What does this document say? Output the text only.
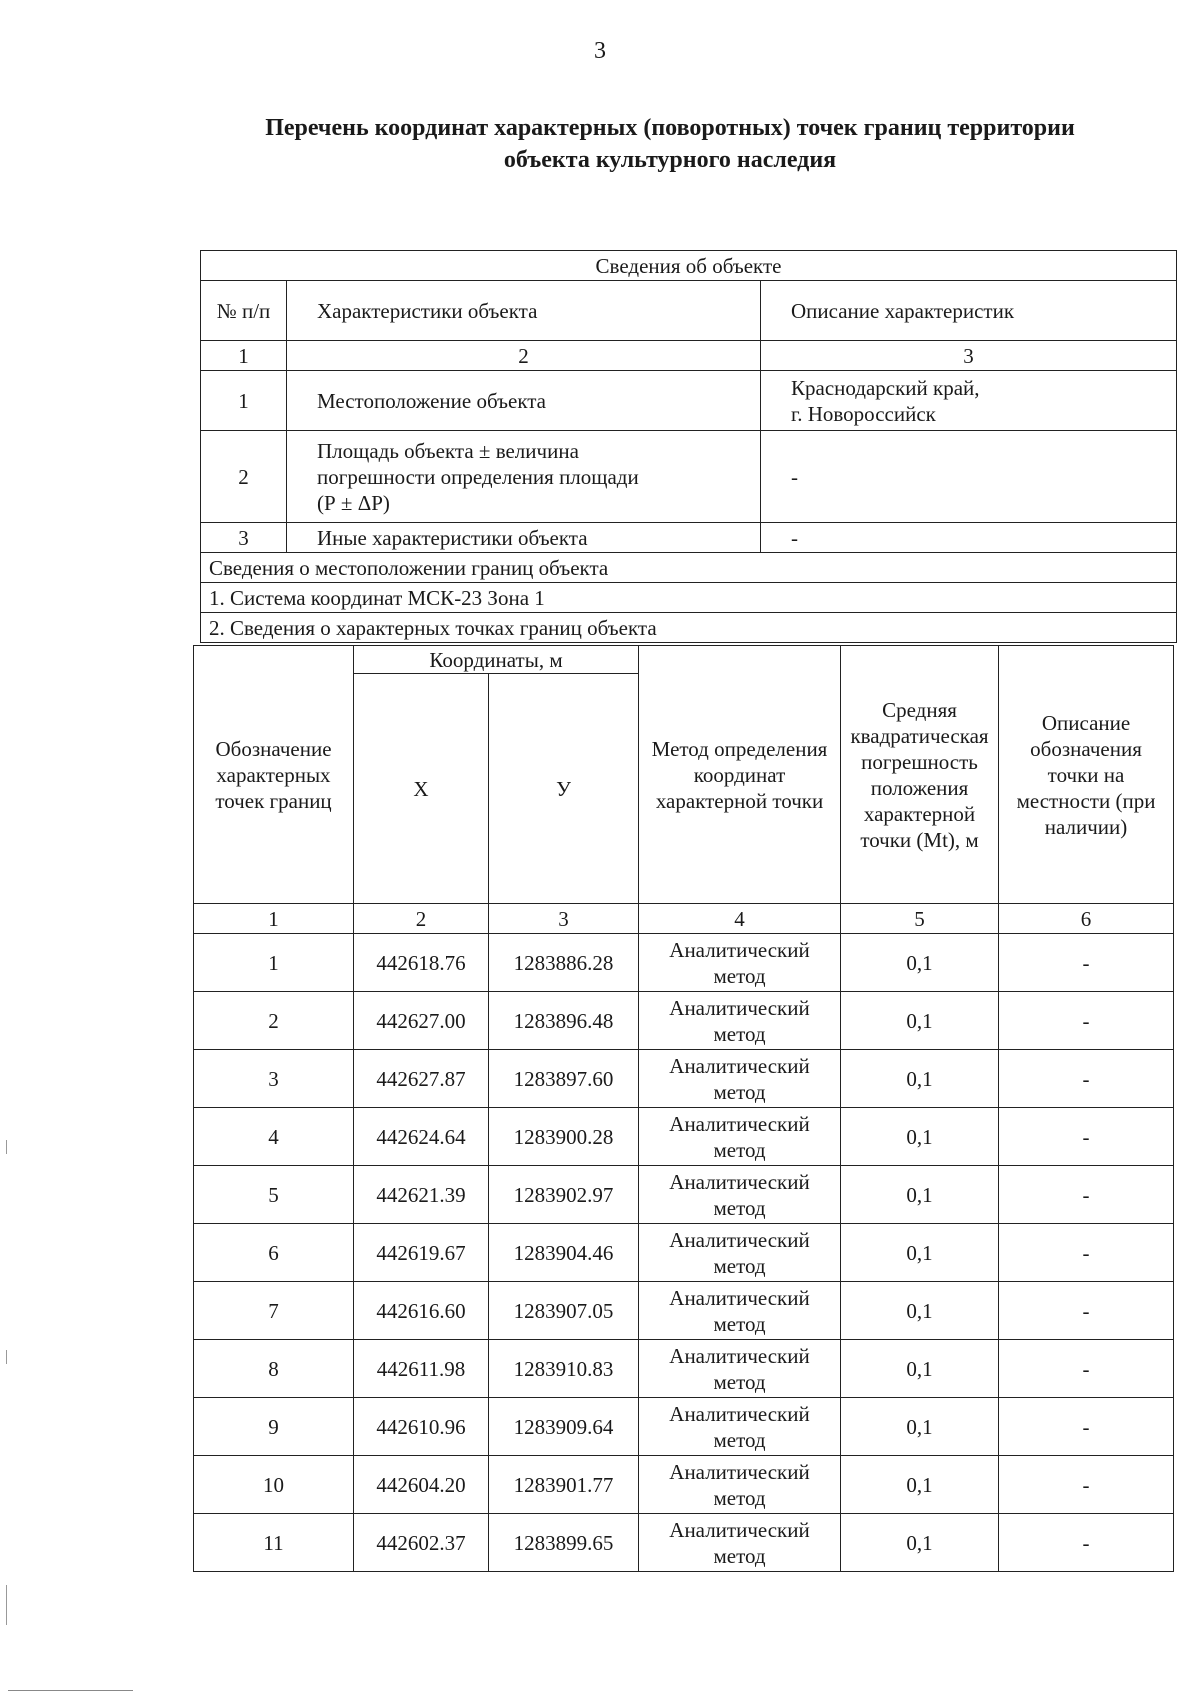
3
Перечень координат характерных (поворотных) точек границ территории
объекта культурного наследия
Сведения об объекте		
№ п/п	Характеристики объекта	Описание характеристик
1	2	3
1	Местоположение объекта	Краснодарский край,
г. Новороссийск

2	Площадь объекта ± величина
погрешности определения площади
(Р ± ΔР)	-
3	Иные характеристики объекта	-
Сведения о местоположении границ объекта		
1. Система координат МСК-23 Зона 1		
2. Сведения о характерных точках границ объекта		
Обозначение характерных точек границ	Координаты, м		Метод определения координат характерной точки	Средняя квадратическая погрешность положения характерной точки (Mt), м	Описание обозначения точки на местности (при наличии)
	Х	У			
1	2	3	4	5	6
1	442618.76	1283886.28	Аналитический метод	0,1	-
2	442627.00	1283896.48	Аналитический метод	0,1	-
3	442627.87	1283897.60	Аналитический метод	0,1	-
4	442624.64	1283900.28	Аналитический метод	0,1	-
5	442621.39	1283902.97	Аналитический метод	0,1	-
6	442619.67	1283904.46	Аналитический метод	0,1	-
7	442616.60	1283907.05	Аналитический метод	0,1	-
8	442611.98	1283910.83	Аналитический метод	0,1	-
9	442610.96	1283909.64	Аналитический метод	0,1	-
10	442604.20	1283901.77	Аналитический метод	0,1	-
11	442602.37	1283899.65	Аналитический метод	0,1	-
